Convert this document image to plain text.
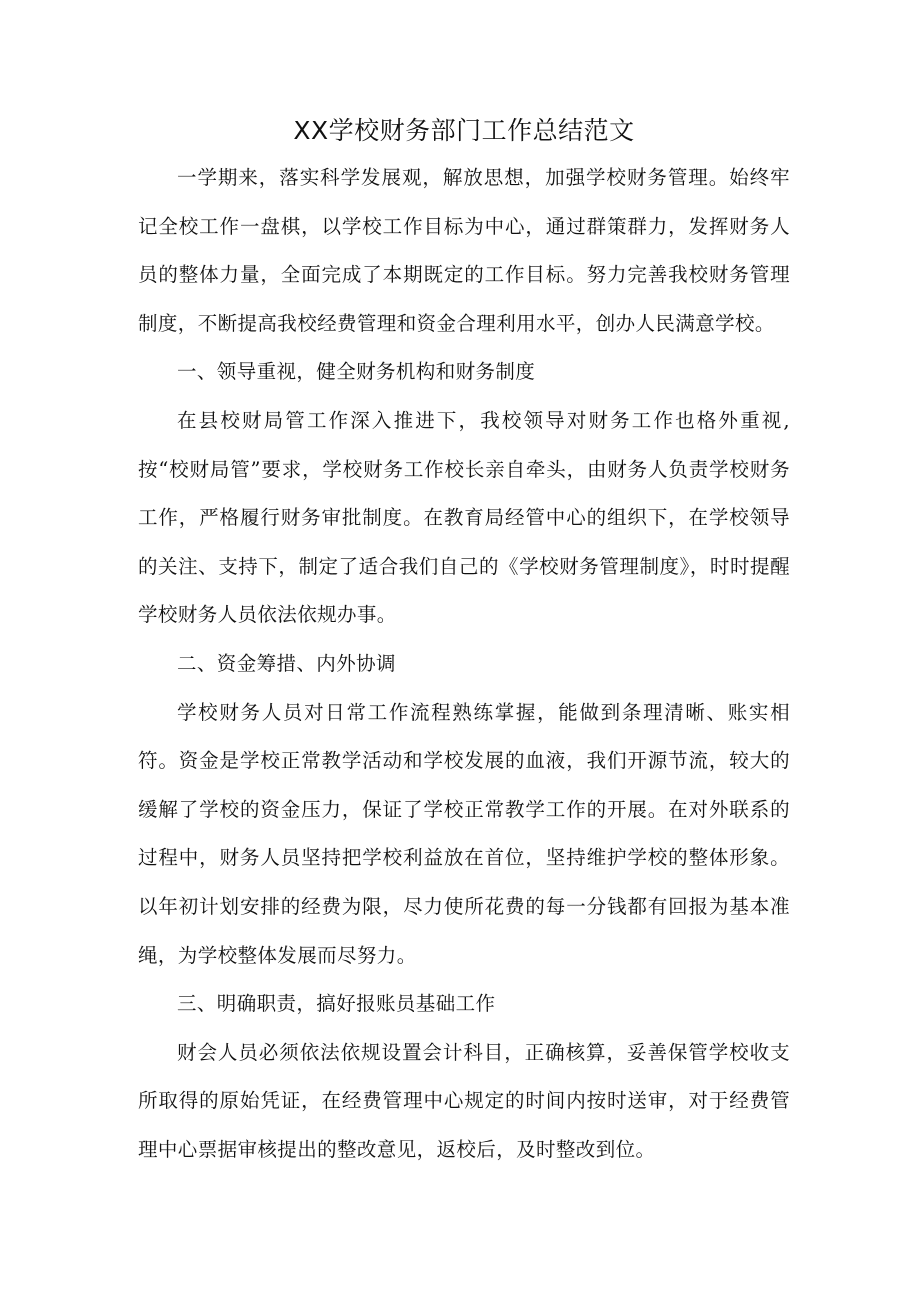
XX学校财务部门工作总结范文

一学期来，落实科学发展观，解放思想，加强学校财务管理。始终牢记全校工作一盘棋，以学校工作目标为中心，通过群策群力，发挥财务人员的整体力量，全面完成了本期既定的工作目标。努力完善我校财务管理制度，不断提高我校经费管理和资金合理利用水平，创办人民满意学校。

一、领导重视，健全财务机构和财务制度

在县校财局管工作深入推进下，我校领导对财务工作也格外重视,按“校财局管”要求，学校财务工作校长亲自牵头，由财务人负责学校财务工作，严格履行财务审批制度。在教育局经管中心的组织下，在学校领导的关注、支持下，制定了适合我们自己的《学校财务管理制度》，时时提醒学校财务人员依法依规办事。

二、资金筹措、内外协调

学校财务人员对日常工作流程熟练掌握，能做到条理清晰、账实相符。资金是学校正常教学活动和学校发展的血液，我们开源节流，较大的缓解了学校的资金压力，保证了学校正常教学工作的开展。在对外联系的过程中，财务人员坚持把学校利益放在首位，坚持维护学校的整体形象。以年初计划安排的经费为限，尽力使所花费的每一分钱都有回报为基本准绳，为学校整体发展而尽努力。

三、明确职责，搞好报账员基础工作

财会人员必须依法依规设置会计科目，正确核算，妥善保管学校收支所取得的原始凭证，在经费管理中心规定的时间内按时送审，对于经费管理中心票据审核提出的整改意见，返校后，及时整改到位。
